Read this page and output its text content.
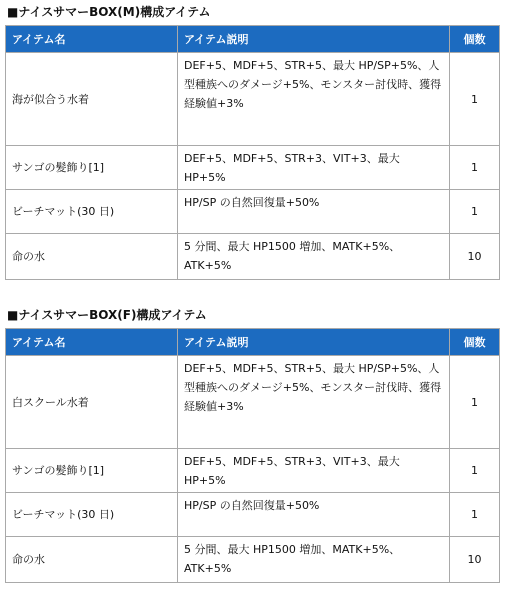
■ナイスサマーBOX(M)構成アイテム
アイテム名	アイテム説明	個数
海が似合う水着	DEF+5、MDF+5、STR+5、最大 HP/SP+5%、人型種族へのダメージ+5%、モンスター討伐時、獲得経験値+3%	1
サンゴの髪飾り[1]	DEF+5、MDF+5、STR+3、VIT+3、最大 HP+5%	1
ビーチマット(30 日)	HP/SP の自然回復量+50%	1
命の水	5 分間、最大 HP1500 増加、MATK+5%、ATK+5%	10
■ナイスサマーBOX(F)構成アイテム
アイテム名	アイテム説明	個数
白スクール水着	DEF+5、MDF+5、STR+5、最大 HP/SP+5%、人型種族へのダメージ+5%、モンスター討伐時、獲得経験値+3%	1
サンゴの髪飾り[1]	DEF+5、MDF+5、STR+3、VIT+3、最大 HP+5%	1
ビーチマット(30 日)	HP/SP の自然回復量+50%	1
命の水	5 分間、最大 HP1500 増加、MATK+5%、ATK+5%	10
